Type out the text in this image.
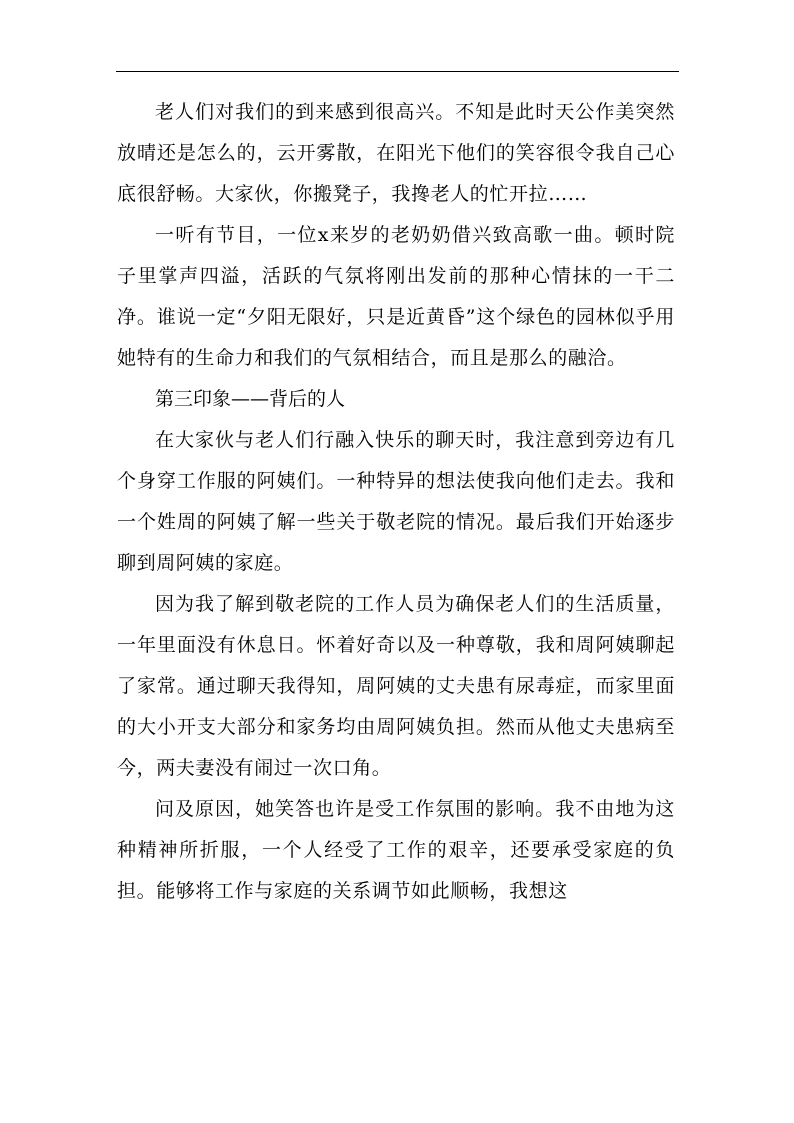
老人们对我们的到来感到很高兴。不知是此时天公作美突然放晴还是怎么的，云开雾散，在阳光下他们的笑容很令我自己心底很舒畅。大家伙，你搬凳子，我搀老人的忙开拉……

一听有节目，一位x来岁的老奶奶借兴致高歌一曲。顿时院子里掌声四溢，活跃的气氛将刚出发前的那种心情抹的一干二净。谁说一定“夕阳无限好，只是近黄昏”这个绿色的园林似乎用她特有的生命力和我们的气氛相结合，而且是那么的融洽。

第三印象——背后的人

在大家伙与老人们行融入快乐的聊天时，我注意到旁边有几个身穿工作服的阿姨们。一种特异的想法使我向他们走去。我和一个姓周的阿姨了解一些关于敬老院的情况。最后我们开始逐步聊到周阿姨的家庭。

因为我了解到敬老院的工作人员为确保老人们的生活质量，一年里面没有休息日。怀着好奇以及一种尊敬，我和周阿姨聊起了家常。通过聊天我得知，周阿姨的丈夫患有尿毒症，而家里面的大小开支大部分和家务均由周阿姨负担。然而从他丈夫患病至今，两夫妻没有闹过一次口角。

问及原因，她笑答也许是受工作氛围的影响。我不由地为这种精神所折服，一个人经受了工作的艰辛，还要承受家庭的负担。能够将工作与家庭的关系调节如此顺畅，我想这
